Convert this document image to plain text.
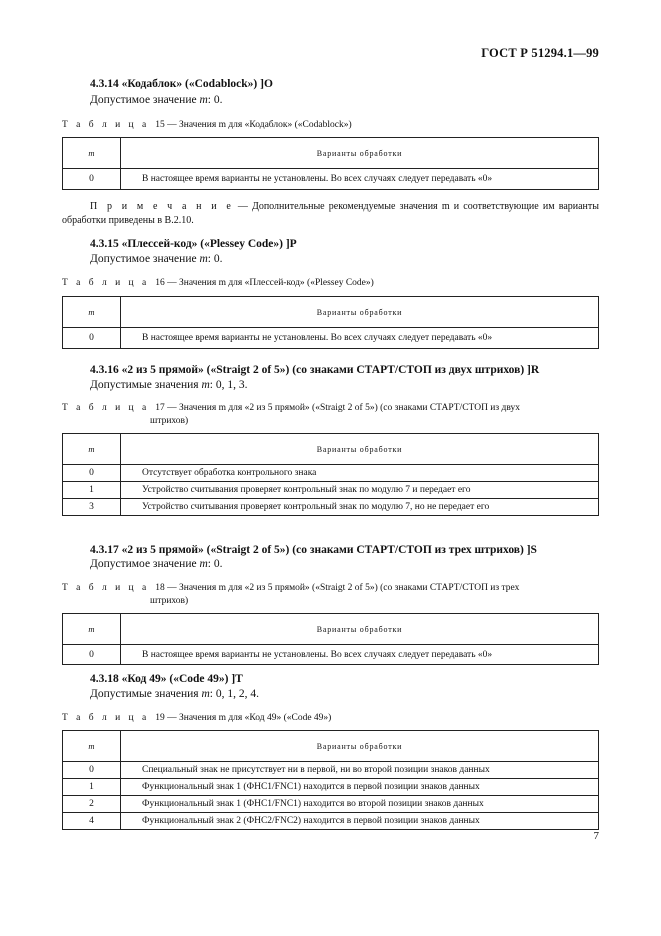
ГОСТ Р 51294.1—99
4.3.14 «Кодаблок» («Codablock») ]O
Допустимое значение m: 0.
Т а б л и ц а 15 — Значения m для «Кодаблок» («Codablock»)
m	Варианты обработки
0	В настоящее время варианты не установлены. Во всех случаях следует передавать «0»
П р и м е ч а н и е — Дополнительные рекомендуемые значения m и соответствующие им варианты обработки приведены в B.2.10.
4.3.15 «Плессей-код» («Plessey Code») ]P
Допустимое значение m: 0.
Т а б л и ц а 16 — Значения m для «Плессей-код» («Plessey Code»)
m	Варианты обработки
0	В настоящее время варианты не установлены. Во всех случаях следует передавать «0»
4.3.16 «2 из 5 прямой» («Straigt 2 of 5») (со знаками СТАРТ/СТОП из двух штрихов) ]R
Допустимые значения m: 0, 1, 3.
Т а б л и ц а 17 — Значения m для «2 из 5 прямой» («Straigt 2 of 5») (со знаками СТАРТ/СТОП из двух
штрихов)
m	Варианты обработки
0	Отсутствует обработка контрольного знака
1	Устройство считывания проверяет контрольный знак по модулю 7 и передает его
3	Устройство считывания проверяет контрольный знак по модулю 7, но не передает его
4.3.17 «2 из 5 прямой» («Straigt 2 of 5») (со знаками СТАРТ/СТОП из трех штрихов) ]S
Допустимое значение m: 0.
Т а б л и ц а 18 — Значения m для «2 из 5 прямой» («Straigt 2 of 5») (со знаками СТАРТ/СТОП из трех
штрихов)
m	Варианты обработки
0	В настоящее время варианты не установлены. Во всех случаях следует передавать «0»
4.3.18 «Код 49» («Code 49») ]T
Допустимые значения m: 0, 1, 2, 4.
Т а б л и ц а 19 — Значения m для «Код 49» («Code 49»)
m	Варианты обработки
0	Специальный знак не присутствует ни в первой, ни во второй позиции знаков данных
1	Функциональный знак 1 (ФНС1/FNC1) находится в первой позиции знаков данных
2	Функциональный знак 1 (ФНС1/FNC1) находится во второй позиции знаков данных
4	Функциональный знак 2 (ФНС2/FNC2) находится в первой позиции знаков данных
7
